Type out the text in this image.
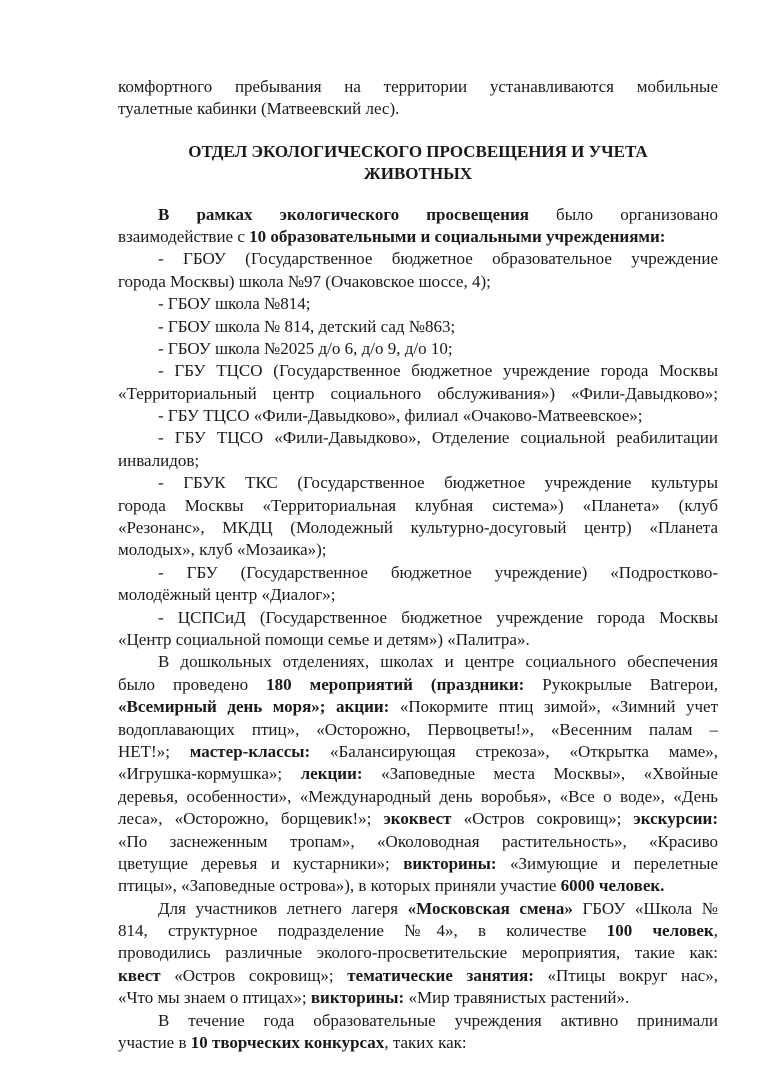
комфортного пребывания на территории устанавливаются мобильные
туалетные кабинки (Матвеевский лес).
ОТДЕЛ ЭКОЛОГИЧЕСКОГО ПРОСВЕЩЕНИЯ И УЧЕТА
ЖИВОТНЫХ
В рамках экологического просвещения было организовано
взаимодействие с 10 образовательными и социальными учреждениями:
- ГБОУ (Государственное бюджетное образовательное учреждение
города Москвы) школа №97 (Очаковское шоссе, 4);
- ГБОУ школа №814;
- ГБОУ школа № 814, детский сад №863;
- ГБОУ школа №2025 д/о 6, д/о 9, д/о 10;
- ГБУ ТЦСО (Государственное бюджетное учреждение города Москвы
«Территориальный центр социального обслуживания») «Фили-Давыдково»;
- ГБУ ТЦСО «Фили-Давыдково», филиал «Очаково-Матвеевское»;
- ГБУ ТЦСО «Фили-Давыдково», Отделение социальной реабилитации
инвалидов;
- ГБУК ТКС (Государственное бюджетное учреждение культуры
города Москвы «Территориальная клубная система») «Планета» (клуб
«Резонанс», МКДЦ (Молодежный культурно-досуговый центр) «Планета
молодых», клуб «Мозаика»);
- ГБУ (Государственное бюджетное учреждение) «Подростково-
молодёжный центр «Диалог»;
- ЦСПСиД (Государственное бюджетное учреждение города Москвы
«Центр социальной помощи семье и детям») «Палитра».
В дошкольных отделениях, школах и центре социального обеспечения
было проведено 180 мероприятий (праздники: Рукокрылые Batгерои,
«Всемирный день моря»; акции: «Покормите птиц зимой», «Зимний учет
водоплавающих птиц», «Осторожно, Первоцветы!», «Весенним палам –
НЕТ!»; мастер-классы: «Балансирующая стрекоза», «Открытка маме»,
«Игрушка-кормушка»; лекции: «Заповедные места Москвы», «Хвойные
деревья, особенности», «Международный день воробья», «Все о воде», «День
леса», «Осторожно, борщевик!»; экоквест «Остров сокровищ»; экскурсии:
«По заснеженным тропам», «Околоводная растительность», «Красиво
цветущие деревья и кустарники»; викторины: «Зимующие и перелетные
птицы», «Заповедные острова»), в которых приняли участие 6000 человек.
Для участников летнего лагеря «Московская смена» ГБОУ «Школа №
814, структурное подразделение №4», в количестве 100 человек,
проводились различные эколого-просветительские мероприятия, такие как:
квест «Остров сокровищ»; тематические занятия: «Птицы вокруг нас»,
«Что мы знаем о птицах»; викторины: «Мир травянистых растений».
В течение года образовательные учреждения активно принимали
участие в 10 творческих конкурсах, таких как:
